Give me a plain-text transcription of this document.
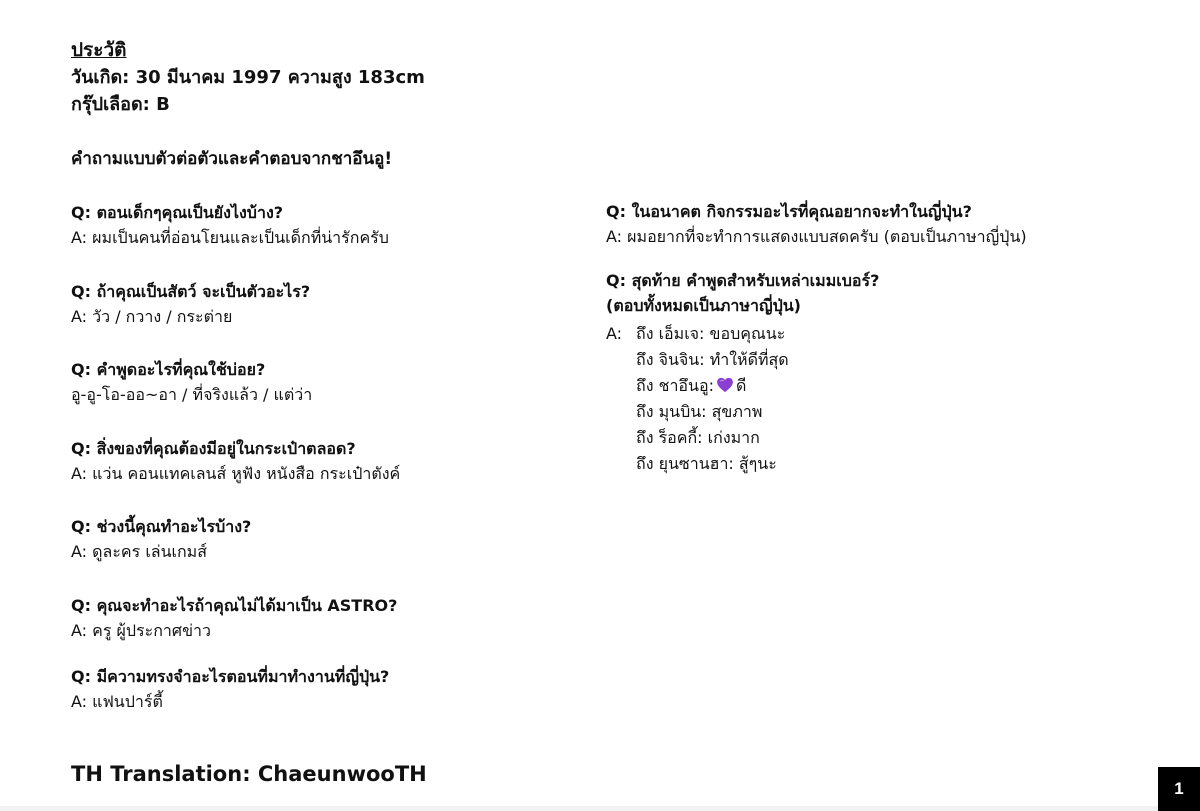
ประวัติ
วันเกิด: 30 มีนาคม 1997 ความสูง 183cm
กรุ๊ปเลือด: B
คำถามแบบตัวต่อตัวและคำตอบจากชาอึนอู!
Q: ตอนเด็กๆคุณเป็นยังไงบ้าง?
A: ผมเป็นคนที่อ่อนโยนและเป็นเด็กที่น่ารักครับ
Q: ถ้าคุณเป็นสัตว์ จะเป็นตัวอะไร?
A: วัว / กวาง / กระต่าย
Q: คำพูดอะไรที่คุณใช้บ่อย?
อู-อู-โอ-ออ~อา / ที่จริงแล้ว / แต่ว่า
Q: สิ่งของที่คุณต้องมีอยู่ในกระเป๋าตลอด?
A: แว่น คอนแทคเลนส์ หูฟัง หนังสือ กระเป๋าตังค์
Q: ช่วงนี้คุณทำอะไรบ้าง?
A: ดูละคร เล่นเกมส์
Q: คุณจะทำอะไรถ้าคุณไม่ได้มาเป็น ASTRO?
A: ครู ผู้ประกาศข่าว
Q: มีความทรงจำอะไรตอนที่มาทำงานที่ญี่ปุ่น?
A: แฟนปาร์ตี้
Q: ในอนาคต กิจกรรมอะไรที่คุณอยากจะทำในญี่ปุ่น?
A: ผมอยากที่จะทำการแสดงแบบสดครับ (ตอบเป็นภาษาญี่ปุ่น)
Q: สุดท้าย คำพูดสำหรับเหล่าเมมเบอร์?
(ตอบทั้งหมดเป็นภาษาญี่ปุ่น)
A: ถึง เอ็มเจ: ขอบคุณนะ
ถึง จินจิน: ทำให้ดีที่สุด
ถึง ชาอึนอู: ดี
ถึง มุนบิน: สุขภาพ
ถึง ร็อคกี้: เก่งมาก
ถึง ยุนซานฮา: สู้ๆนะ
TH Translation: ChaeunwooTH
1
